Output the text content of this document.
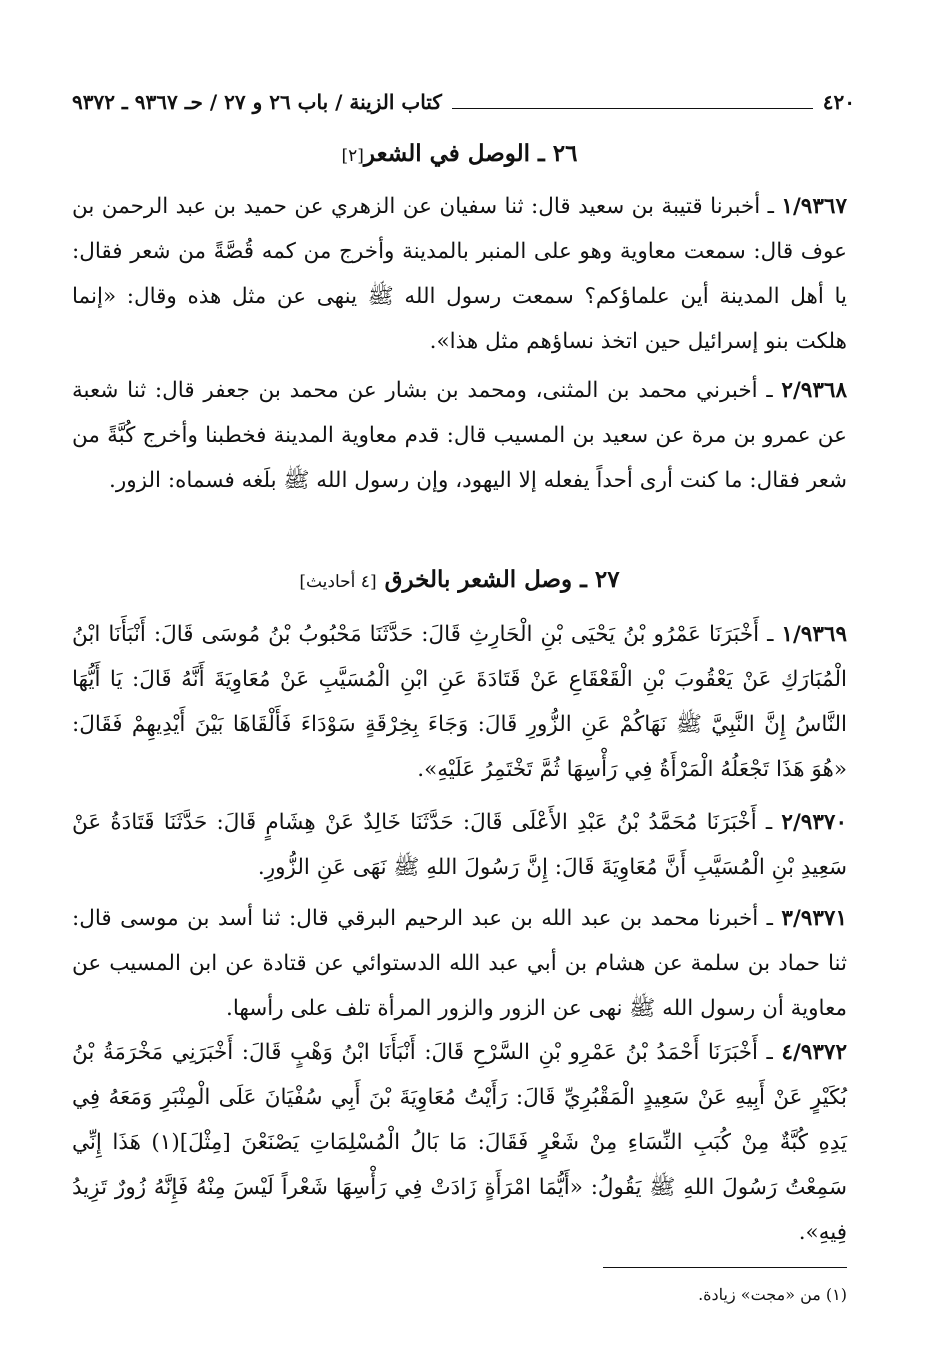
٤٢٠
كتاب الزينة / باب ٢٦ و ٢٧ / حـ ٩٣٦٧ ـ ٩٣٧٢
٢٦ ـ الوصل في الشعر[٢]

١/٩٣٦٧ ـ أخبرنا قتيبة بن سعيد قال: ثنا سفيان عن الزهري عن حميد بن عبد الرحمن بن عوف قال: سمعت معاوية وهو على المنبر بالمدينة وأخرج من كمه قُصَّةً من شعر فقال: يا أهل المدينة أين علماؤكم؟ سمعت رسول الله ﷺ ينهى عن مثل هذه وقال: «إنما هلكت بنو إسرائيل حين اتخذ نساؤهم مثل هذا».

٢/٩٣٦٨ ـ أخبرني محمد بن المثنى، ومحمد بن بشار عن محمد بن جعفر قال: ثنا شعبة عن عمرو بن مرة عن سعيد بن المسيب قال: قدم معاوية المدينة فخطبنا وأخرج كُبَّةً من شعر فقال: ما كنت أرى أحداً يفعله إلا اليهود، وإن رسول الله ﷺ بلَغه فسماه: الزور.

٢٧ ـ وصل الشعر بالخرق [٤ أحاديث]

١/٩٣٦٩ ـ أَخْبَرَنَا عَمْرُو بْنُ يَحْيَى بْنِ الْحَارِثِ قَالَ: حَدَّثَنَا مَحْبُوبُ بْنُ مُوسَى قَالَ: أَنْبَأَنَا ابْنُ الْمُبَارَكِ عَنْ يَعْقُوبَ بْنِ الْقَعْقَاعِ عَنْ قَتَادَةَ عَنِ ابْنِ الْمُسَيَّبِ عَنْ مُعَاوِيَةَ أَنَّهُ قَالَ: يَا أَيُّهَا النَّاسُ إِنَّ النَّبِيَّ ﷺ نَهَاكُمْ عَنِ الزُّورِ قَالَ: وَجَاءَ بِخِرْقَةٍ سَوْدَاءَ فَأَلْقَاهَا بَيْنَ أَيْدِيهِمْ فَقَالَ: «هُوَ هَذَا تَجْعَلُهُ الْمَرْأَةُ فِي رَأْسِهَا ثُمَّ تَخْتَمِرُ عَلَيْهِ».

٢/٩٣٧٠ ـ أَخْبَرَنَا مُحَمَّدُ بْنُ عَبْدِ الأَعْلَى قَالَ: حَدَّثَنَا خَالِدٌ عَنْ هِشَامٍ قَالَ: حَدَّثَنَا قَتَادَةُ عَنْ سَعِيدِ بْنِ الْمُسَيَّبِ أَنَّ مُعَاوِيَةَ قَالَ: إِنَّ رَسُولَ اللهِ ﷺ نَهَى عَنِ الزُّورِ.

٣/٩٣٧١ ـ أخبرنا محمد بن عبد الله بن عبد الرحيم البرقي قال: ثنا أسد بن موسى قال: ثنا حماد بن سلمة عن هشام بن أبي عبد الله الدستوائي عن قتادة عن ابن المسيب عن معاوية أن رسول الله ﷺ نهى عن الزور والزور المرأة تلف على رأسها.

٤/٩٣٧٢ ـ أَخْبَرَنَا أَحْمَدُ بْنُ عَمْرِو بْنِ السَّرْحِ قَالَ: أَنْبَأَنَا ابْنُ وَهْبٍ قَالَ: أَخْبَرَنِي مَخْرَمَةُ بْنُ بُكَيْرٍ عَنْ أَبِيهِ عَنْ سَعِيدٍ الْمَقْبُرِيِّ قَالَ: رَأَيْتُ مُعَاوِيَةَ بْنَ أَبِي سُفْيَانَ عَلَى الْمِنْبَرِ وَمَعَهُ فِي يَدِهِ كُبَّةٌ مِنْ كُبَبِ النِّسَاءِ مِنْ شَعْرٍ فَقَالَ: مَا بَالُ الْمُسْلِمَاتِ يَصْنَعْنَ [مِثْلَ](١) هَذَا إِنِّي سَمِعْتُ رَسُولَ اللهِ ﷺ يَقُولُ: «أَيُّمَا امْرَأَةٍ زَادَتْ فِي رَأْسِهَا شَعْراً لَيْسَ مِنْهُ فَإِنَّهُ زُورٌ تَزِيدُ فِيهِ».

(١) من «مجت» زيادة.
